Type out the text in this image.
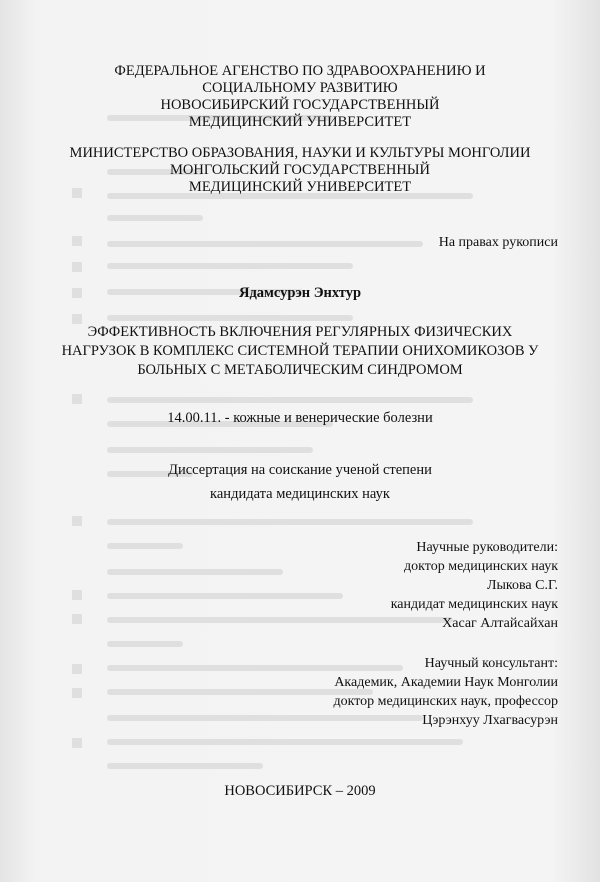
ФЕДЕРАЛЬНОЕ АГЕНСТВО ПО ЗДРАВООХРАНЕНИЮ И
СОЦИАЛЬНОМУ РАЗВИТИЮ
НОВОСИБИРСКИЙ ГОСУДАРСТВЕННЫЙ
МЕДИЦИНСКИЙ УНИВЕРСИТЕТ
МИНИСТЕРСТВО ОБРАЗОВАНИЯ, НАУКИ И КУЛЬТУРЫ МОНГОЛИИ
МОНГОЛЬСКИЙ ГОСУДАРСТВЕННЫЙ
МЕДИЦИНСКИЙ УНИВЕРСИТЕТ
На правах рукописи
Ядамсурэн Энхтур
ЭФФЕКТИВНОСТЬ ВКЛЮЧЕНИЯ РЕГУЛЯРНЫХ ФИЗИЧЕСКИХ
НАГРУЗОК В КОМПЛЕКС СИСТЕМНОЙ ТЕРАПИИ ОНИХОМИКОЗОВ У
БОЛЬНЫХ С МЕТАБОЛИЧЕСКИМ СИНДРОМОМ
14.00.11. - кожные и венерические болезни
Диссертация на соискание ученой степени
кандидата медицинских наук
Научные руководители:
доктор медицинских наук
Лыкова С.Г.
кандидат медицинских наук
Хасаг Алтайсайхан
Научный консультант:
Академик, Академии Наук Монголии
доктор медицинских наук, профессор
Цэрэнхуу Лхагвасурэн
НОВОСИБИРСК – 2009
